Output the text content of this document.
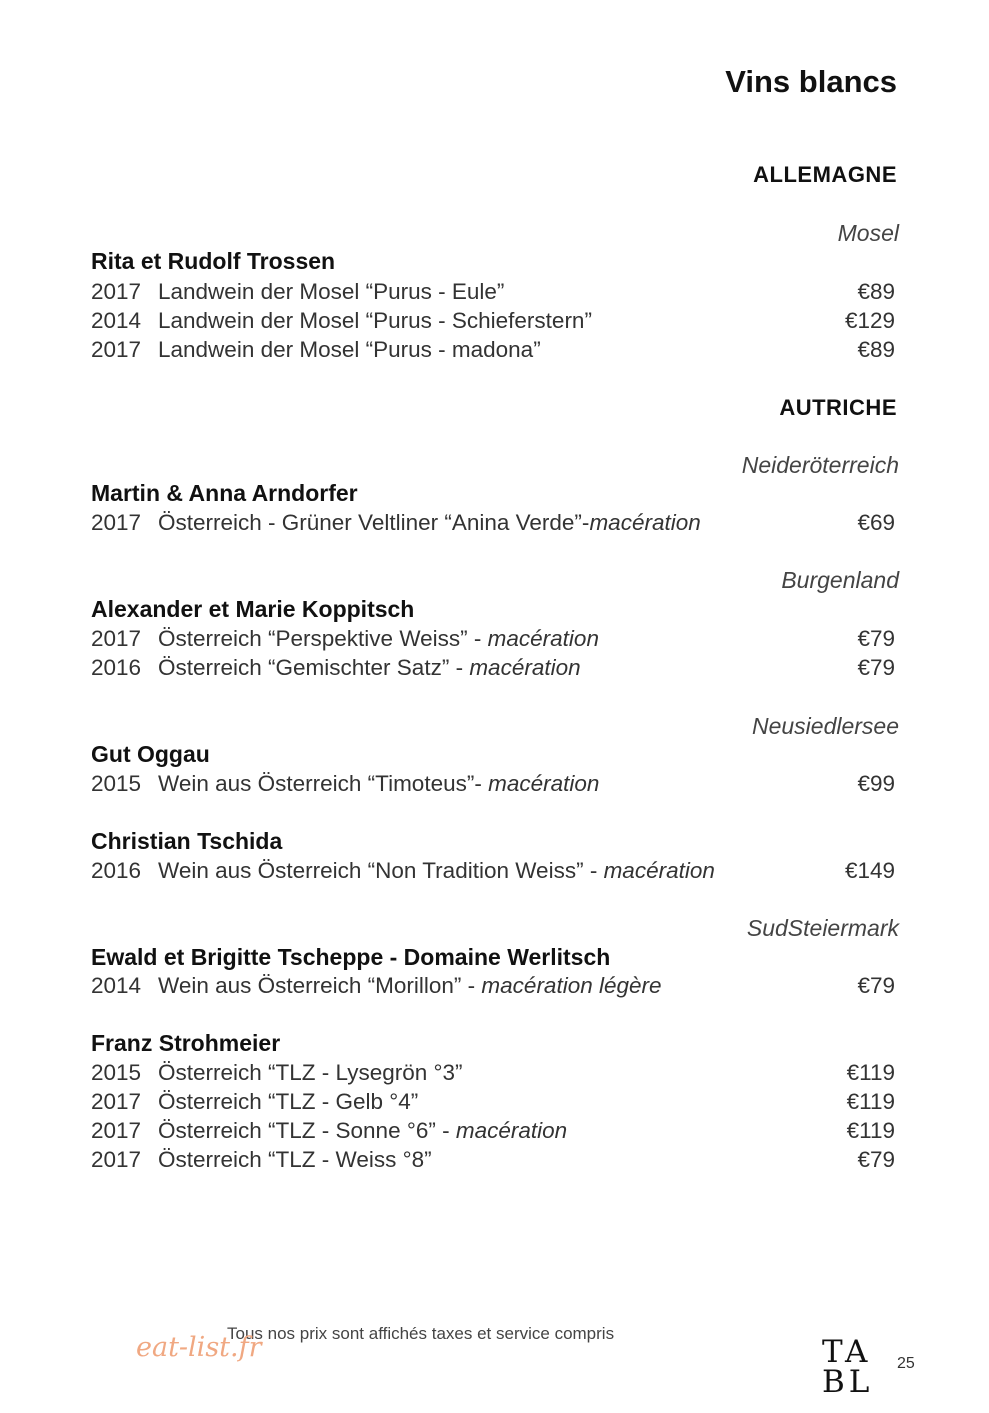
Vins blancs
ALLEMAGNE
Mosel
Rita et Rudolf Trossen
2017 Landwein der Mosel “Purus - Eule”	€89
2014 Landwein der Mosel “Purus - Schieferstern”	€129
2017 Landwein der Mosel “Purus - madona”	€89
AUTRICHE
Neideröterreich
Martin & Anna Arndorfer
2017 Österreich - Grüner Veltliner “Anina Verde”-macération	€69
Burgenland
Alexander et Marie Koppitsch
2017 Österreich “Perspektive Weiss” - macération	€79
2016 Österreich “Gemischter Satz” - macération	€79
Neusiedlersee
Gut Oggau
2015 Wein aus Österreich “Timoteus”- macération	€99
Christian Tschida
2016 Wein aus Österreich “Non Tradition Weiss” - macération	€149
SudSteiermark
Ewald et Brigitte Tscheppe - Domaine Werlitsch
2014 Wein aus Österreich “Morillon” - macération légère	€79
Franz Strohmeier
2015 Österreich “TLZ - Lysegrön °3”	€119
2017 Österreich “TLZ - Gelb °4”	€119
2017 Österreich “TLZ - Sonne °6” - macération	€119
2017 Österreich “TLZ - Weiss °8”	€79
Tous nos prix sont affichés taxes et service compris
eat-list.fr	TA
BL
25
